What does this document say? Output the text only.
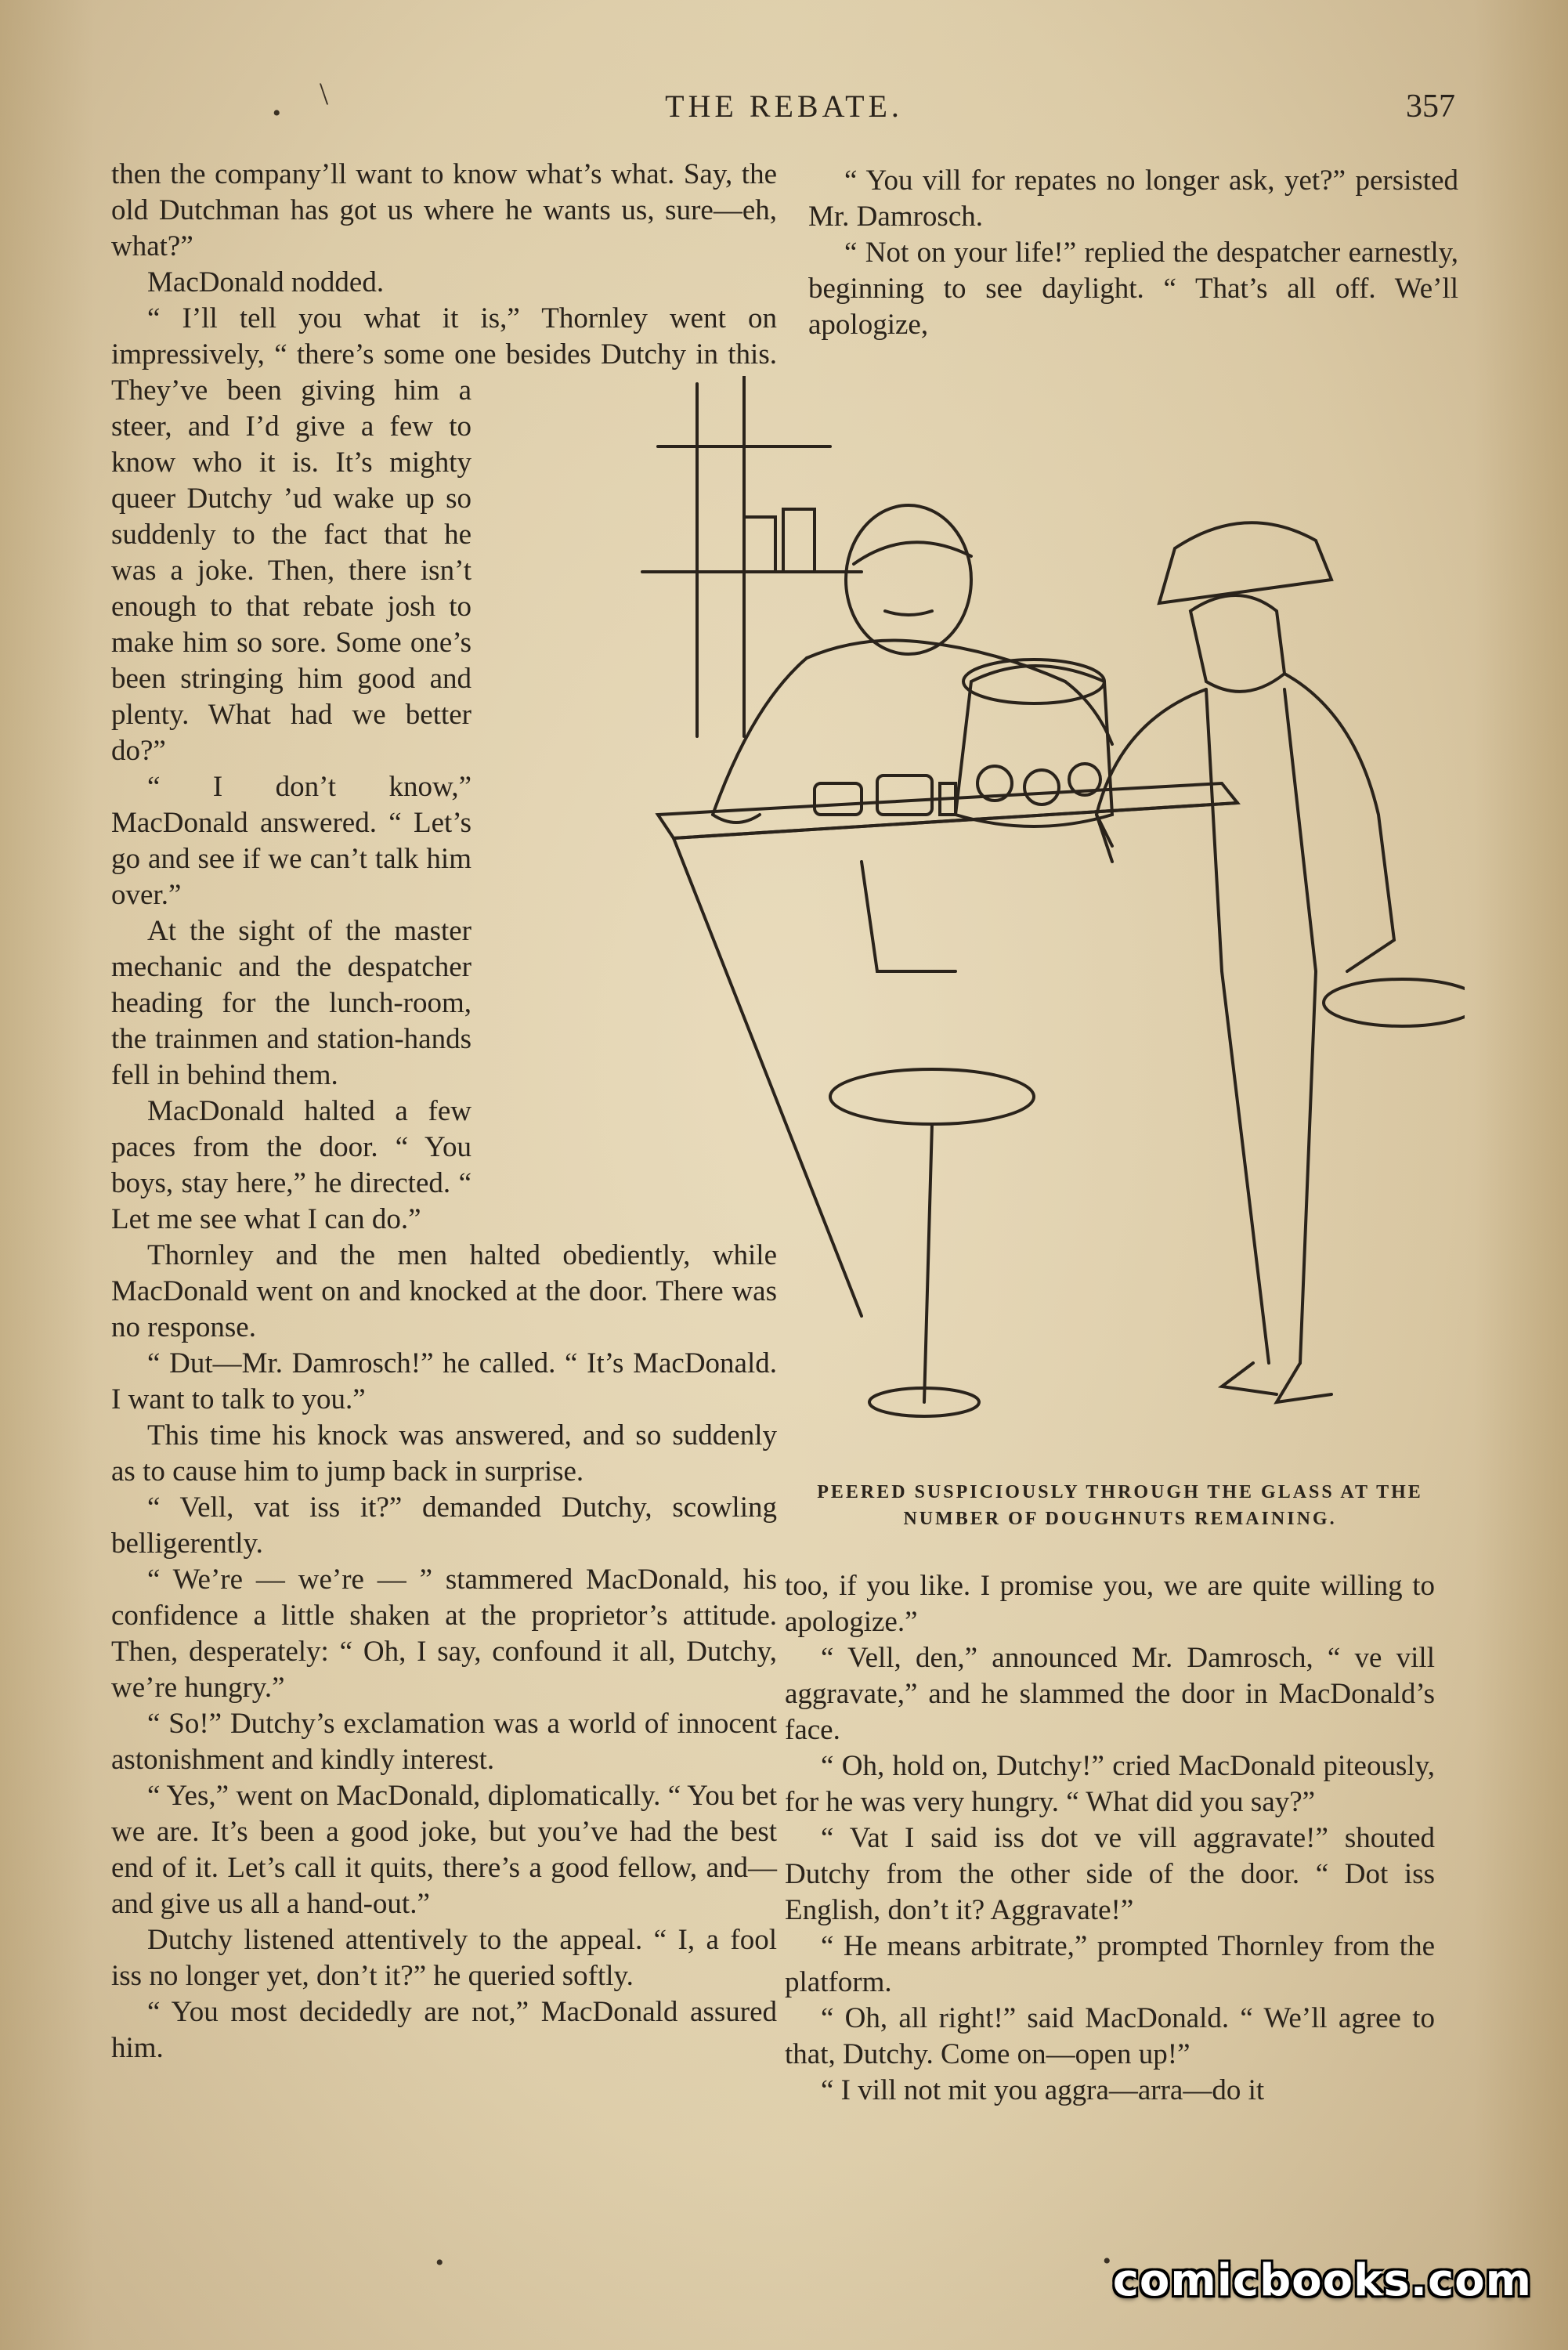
THE REBATE.	357
•
\

then the company’ll want to know what’s what. Say, the old Dutchman has got us where he wants us, sure—eh, what?”

MacDonald nodded.

“ I’ll tell you what it is,” Thornley went on impressively, “ there’s some one besides Dutchy in this. They’ve been giving him a steer, and I’d give a few to know who it is. It’s mighty queer Dutchy ’ud wake up so suddenly to the fact that he was a joke. Then, there isn’t enough to that rebate josh to make him so sore. Some one’s been stringing him good and plenty. What had we better do?”

“ I don’t know,” MacDonald answered. “ Let’s go and see if we can’t talk him over.”

At the sight of the master mechanic and the despatcher heading for the lunch-room, the trainmen and station-hands fell in behind them.

MacDonald halted a few paces from the door. “ You boys, stay here,” he directed. “ Let me see what I can do.”

Thornley and the men halted obediently, while MacDonald went on and knocked at the door. There was no response.

“ Dut—Mr. Damrosch!” he called. “ It’s MacDonald. I want to talk to you.”

This time his knock was answered, and so suddenly as to cause him to jump back in surprise.

“ Vell, vat iss it?” demanded Dutchy, scowling belligerently.

“ We’re — we’re — ” stammered MacDonald, his confidence a little shaken at the proprietor’s attitude. Then, desperately: “ Oh, I say, confound it all, Dutchy, we’re hungry.”

“ So!” Dutchy’s exclamation was a world of innocent astonishment and kindly interest.

“ Yes,” went on MacDonald, diplomatically. “ You bet we are. It’s been a good joke, but you’ve had the best end of it. Let’s call it quits, there’s a good fellow, and—and give us all a hand-out.”

Dutchy listened attentively to the appeal. “ I, a fool iss no longer yet, don’t it?” he queried softly.

“ You most decidedly are not,” MacDonald assured him.

“ You vill for repates no longer ask, yet?” persisted Mr. Damrosch.

“ Not on your life!” replied the despatcher earnestly, beginning to see daylight. “ That’s all off. We’ll apologize,

PEERED SUSPICIOUSLY THROUGH THE GLASS AT THE NUMBER OF DOUGHNUTS REMAINING.

too, if you like. I promise you, we are quite willing to apologize.”

“ Vell, den,” announced Mr. Damrosch, “ ve vill aggravate,” and he slammed the door in MacDonald’s face.

“ Oh, hold on, Dutchy!” cried MacDonald piteously, for he was very hungry. “ What did you say?”

“ Vat I said iss dot ve vill aggravate!” shouted Dutchy from the other side of the door. “ Dot iss English, don’t it? Aggravate!”

“ He means arbitrate,” prompted Thornley from the platform.

“ Oh, all right!” said MacDonald. “ We’ll agree to that, Dutchy. Come on—open up!”

“ I vill not mit you aggra—arra—do it

•	• comicbooks.com
